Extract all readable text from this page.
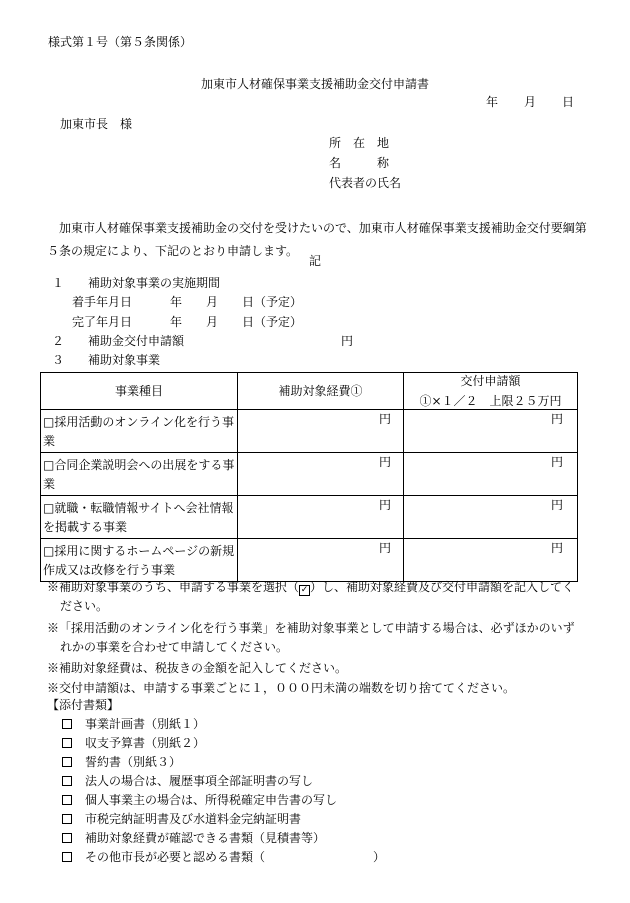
様式第１号（第５条関係）
加東市人材確保事業支援補助金交付申請書
年 月 日
加東市長　様
所　在　地
名　　　称
代表者の氏名
加東市人材確保事業支援補助金の交付を受けたいので、加東市人材確保事業支援補助金交付要綱第５条の規定により、下記のとおり申請します。
記
１　　補助対象事業の実施期間
着手年月日	年 月 日（予定）
完了年月日	年 月 日（予定）
２　　補助金交付申請額	円
３　　補助対象事業
事業種目	補助対象経費①	交付申請額
①×１／２　上限２５万円

□採用活動のオンライン化を行う事業	円	円
□合同企業説明会への出展をする事業	円	円
□就職・転職情報サイトへ会社情報を掲載する事業	円	円
□採用に関するホームページの新規作成又は改修を行う事業	円	円
※補助対象事業のうち、申請する事業を選択（ ✓ ）し、補助対象経費及び交付申請額を記入してく
ださい。
※「採用活動のオンライン化を行う事業」を補助対象事業として申請する場合は、必ずほかのいず
れかの事業を合わせて申請してください。
※補助対象経費は、税抜きの金額を記入してください。
※交付申請額は、申請する事業ごとに１，０００円未満の端数を切り捨ててください。
【添付書類】
　事業計画書（別紙１）
　収支予算書（別紙２）
　誓約書（別紙３）
　法人の場合は、履歴事項全部証明書の写し
　個人事業主の場合は、所得税確定申告書の写し
　市税完納証明書及び水道料金完納証明書
　補助対象経費が確認できる書類（見積書等）
　その他市長が必要と認める書類（　　　　　　　　　）
